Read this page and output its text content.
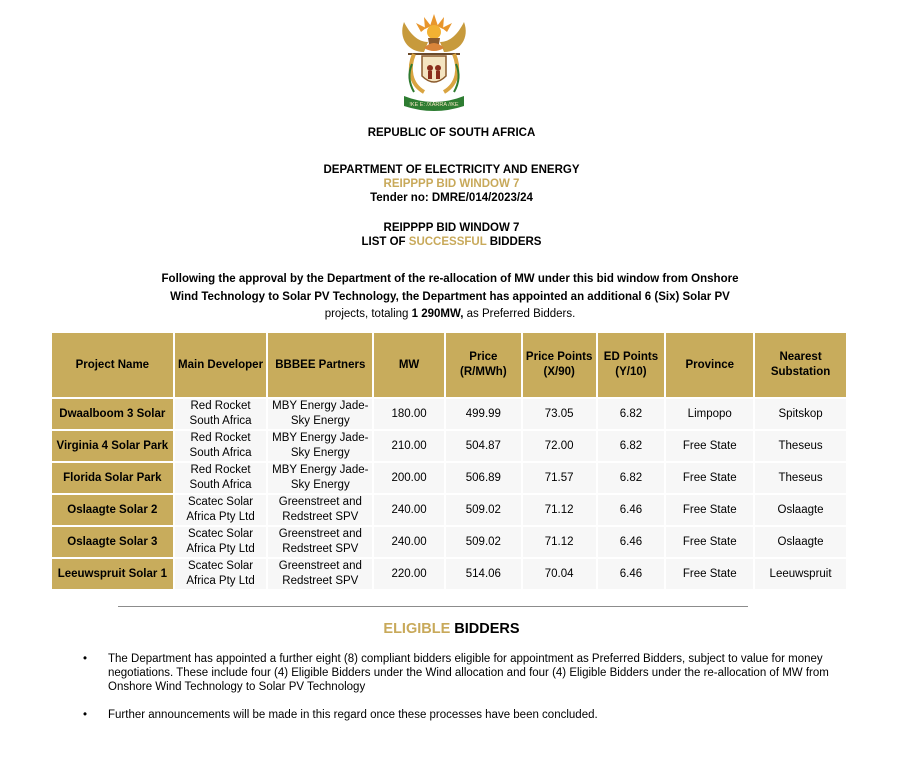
!KE E: /XARRA //KE
REPUBLIC OF SOUTH AFRICA
DEPARTMENT OF ELECTRICITY AND ENERGY
REIPPPP BID WINDOW 7
Tender no: DMRE/014/2023/24
REIPPPP BID WINDOW 7
LIST OF SUCCESSFUL BIDDERS
Following the approval by the Department of the re-allocation of MW under this bid window from Onshore Wind Technology to Solar PV Technology, the Department has appointed an additional 6 (Six) Solar PV projects, totaling 1 290MW, as Preferred Bidders.
Project Name	Main Developer	BBBEE Partners	MW	Price (R/MWh)	Price Points (X/90)	ED Points (Y/10)	Province	Nearest Substation
Dwaalboom 3 Solar	Red Rocket South Africa	MBY Energy Jade-Sky Energy	180.00	499.99	73.05	6.82	Limpopo	Spitskop
Virginia 4 Solar Park	Red Rocket South Africa	MBY Energy Jade-Sky Energy	210.00	504.87	72.00	6.82	Free State	Theseus
Florida Solar Park	Red Rocket South Africa	MBY Energy Jade-Sky Energy	200.00	506.89	71.57	6.82	Free State	Theseus
Oslaagte Solar 2	Scatec Solar Africa Pty Ltd	Greenstreet and Redstreet SPV	240.00	509.02	71.12	6.46	Free State	Oslaagte
Oslaagte Solar 3	Scatec Solar Africa Pty Ltd	Greenstreet and Redstreet SPV	240.00	509.02	71.12	6.46	Free State	Oslaagte
Leeuwspruit Solar 1	Scatec Solar Africa Pty Ltd	Greenstreet and Redstreet SPV	220.00	514.06	70.04	6.46	Free State	Leeuwspruit
ELIGIBLE BIDDERS
• The Department has appointed a further eight (8) compliant bidders eligible for appointment as Preferred Bidders, subject to value for money negotiations. These include four (4) Eligible Bidders under the Wind allocation and four (4) Eligible Bidders under the re-allocation of MW from Onshore Wind Technology to Solar PV Technology
• Further announcements will be made in this regard once these processes have been concluded.
